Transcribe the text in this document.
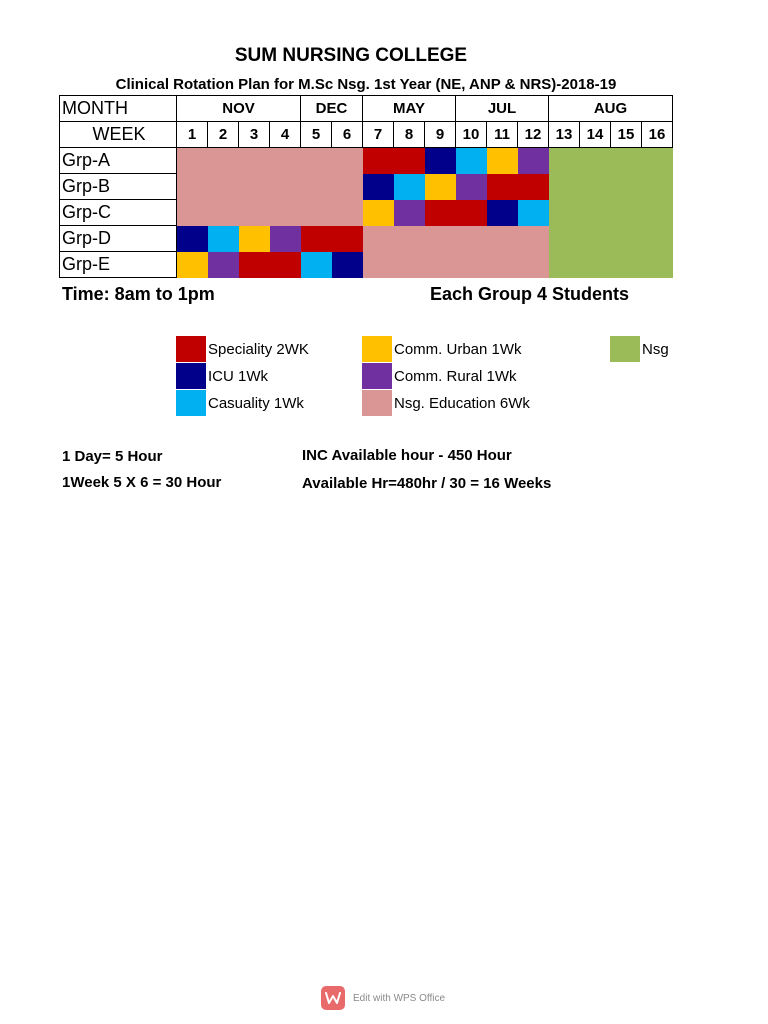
SUM NURSING COLLEGE
Clinical Rotation Plan for M.Sc Nsg. 1st Year (NE, ANP & NRS)-2018-19
MONTH	NOV				DEC		MAY			JUL			AUG			
WEEK	1	2	3	4	5	6	7	8	9	10	11	12	13	14	15	16
Grp-A																
Grp-B																
Grp-C																
Grp-D																
Grp-E																
Time: 8am to 1pm	Each Group 4 Students
Speciality 2WK
ICU 1Wk
Casuality 1Wk
Comm. Urban 1Wk
Comm. Rural 1Wk
Nsg. Education 6Wk
Nsg
1 Day= 5 Hour
1Week 5 X 6 = 30 Hour
INC Available hour - 450 Hour
Available Hr=480hr / 30 = 16 Weeks
Edit with WPS Office
